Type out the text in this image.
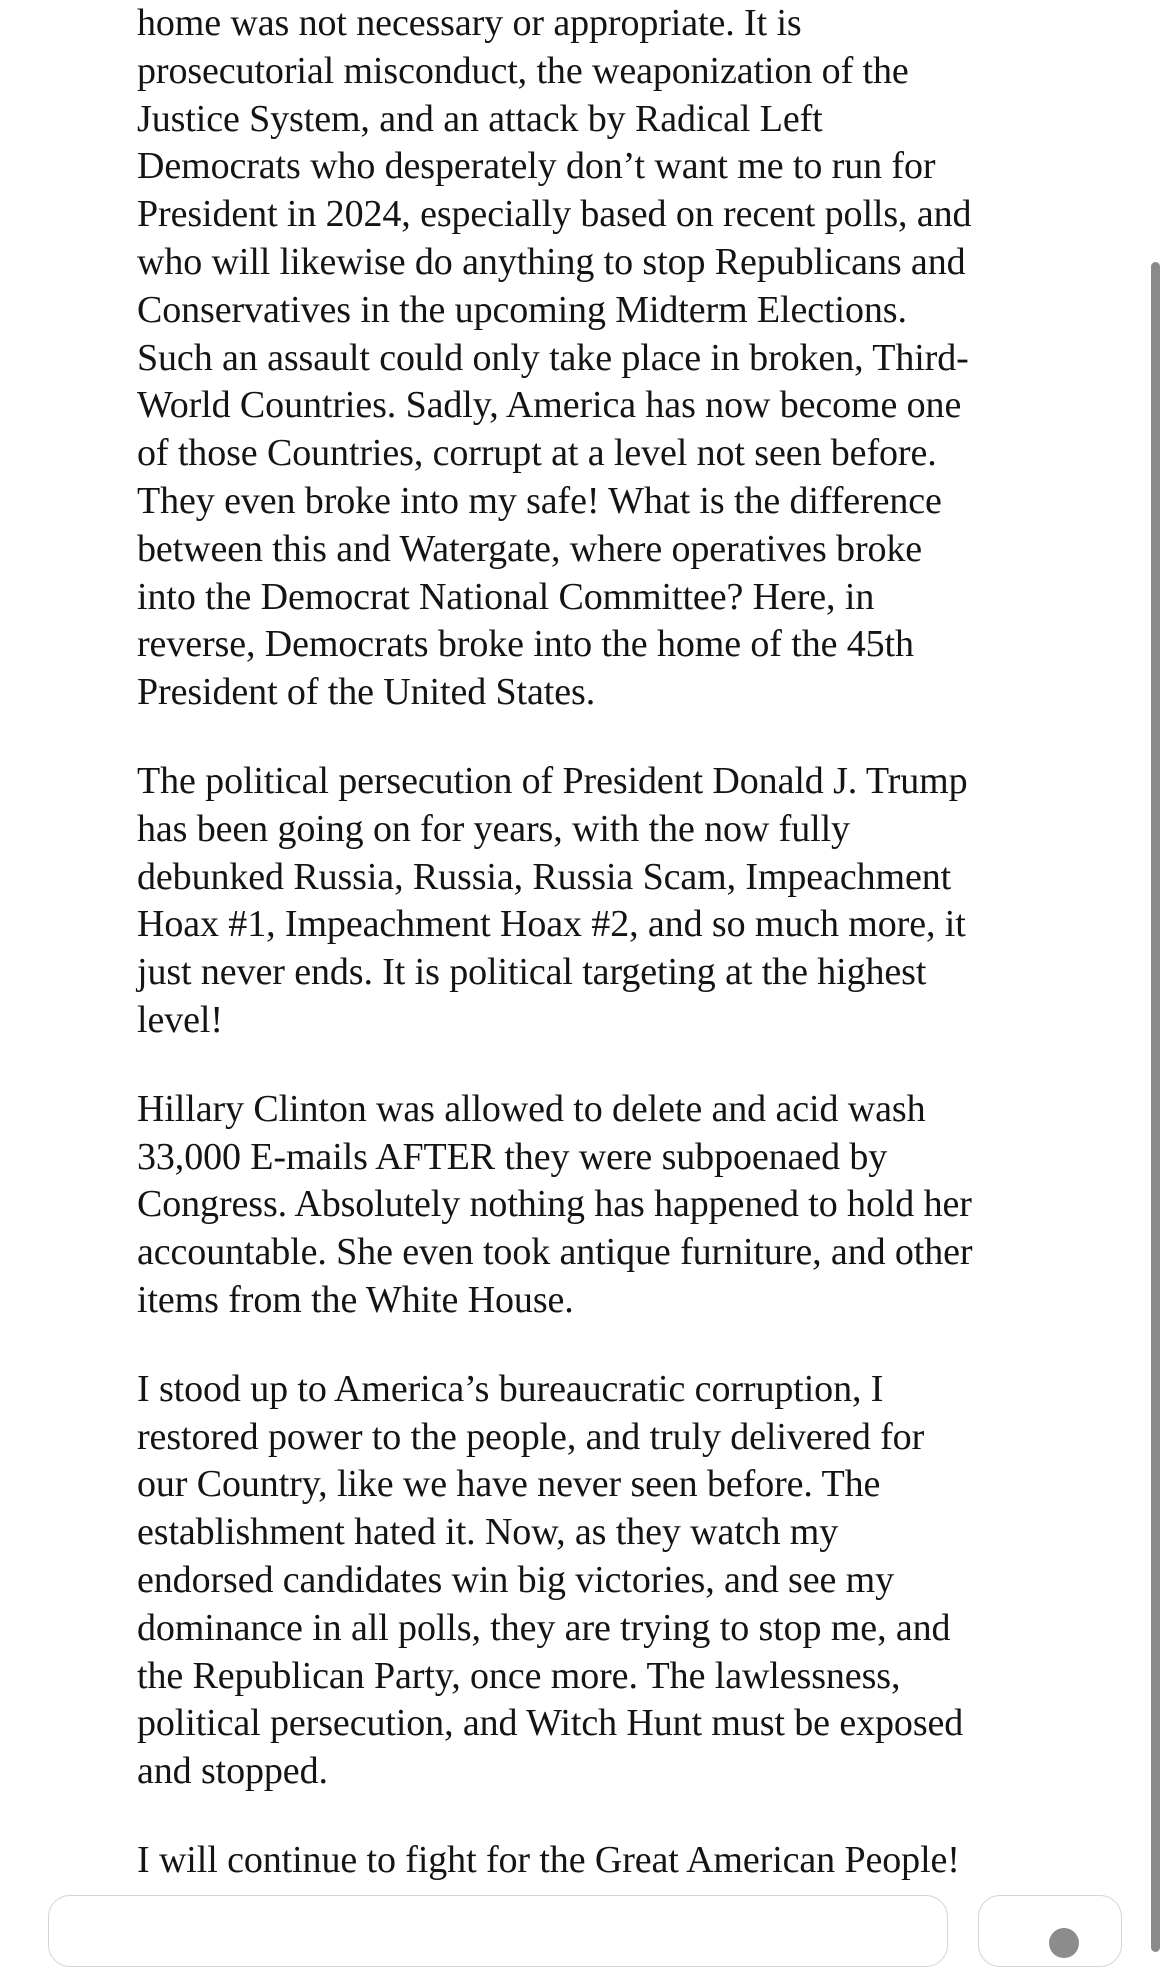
home was not necessary or appropriate. It is
prosecutorial misconduct, the weaponization of the
Justice System, and an attack by Radical Left
Democrats who desperately don’t want me to run for
President in 2024, especially based on recent polls, and
who will likewise do anything to stop Republicans and
Conservatives in the upcoming Midterm Elections.
Such an assault could only take place in broken, Third-
World Countries. Sadly, America has now become one
of those Countries, corrupt at a level not seen before.
They even broke into my safe! What is the difference
between this and Watergate, where operatives broke
into the Democrat National Committee? Here, in
reverse, Democrats broke into the home of the 45th
President of the United States.

The political persecution of President Donald J. Trump
has been going on for years, with the now fully
debunked Russia, Russia, Russia Scam, Impeachment
Hoax #1, Impeachment Hoax #2, and so much more, it
just never ends. It is political targeting at the highest
level!

Hillary Clinton was allowed to delete and acid wash
33,000 E-mails AFTER they were subpoenaed by
Congress. Absolutely nothing has happened to hold her
accountable. She even took antique furniture, and other
items from the White House.

I stood up to America’s bureaucratic corruption, I
restored power to the people, and truly delivered for
our Country, like we have never seen before. The
establishment hated it. Now, as they watch my
endorsed candidates win big victories, and see my
dominance in all polls, they are trying to stop me, and
the Republican Party, once more. The lawlessness,
political persecution, and Witch Hunt must be exposed
and stopped.

I will continue to fight for the Great American People!
